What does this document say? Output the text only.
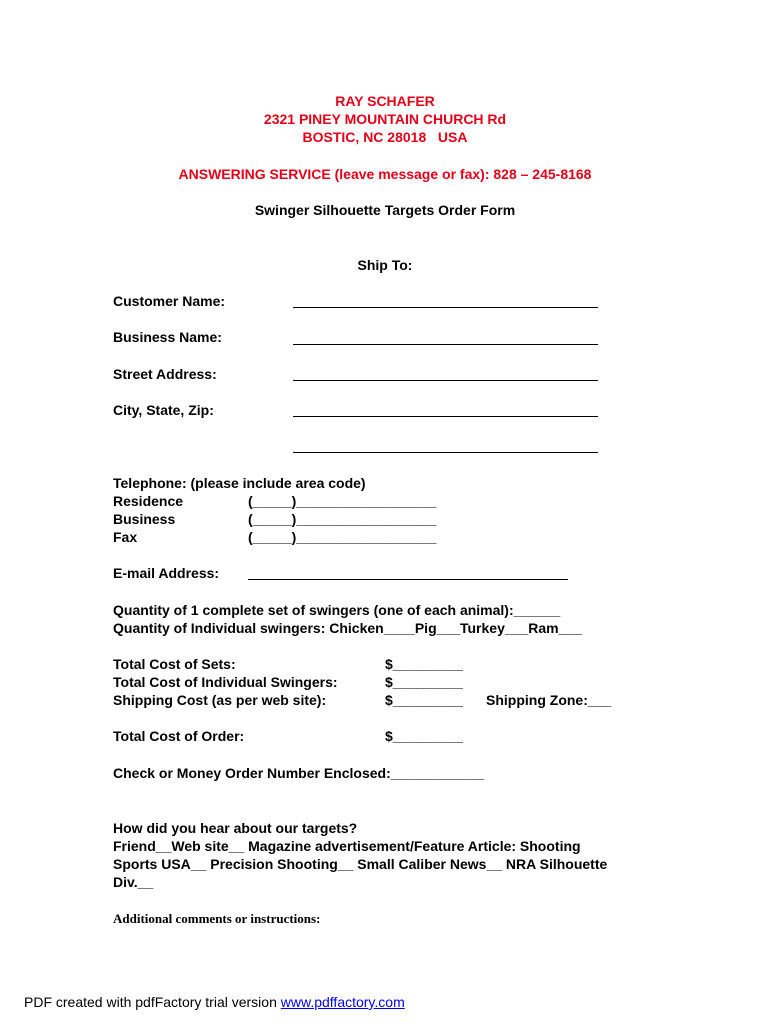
RAY SCHAFER
2321 PINEY MOUNTAIN CHURCH Rd
BOSTIC, NC 28018   USA
ANSWERING SERVICE (leave message or fax): 828 – 245-8168
Swinger Silhouette Targets Order Form
Ship To:
Customer Name:
Business Name:
Street Address:
City, State, Zip:
Telephone: (please include area code)
Residence	(_____)__________________
Business	(_____)__________________
Fax	(_____)__________________
E-mail Address:
Quantity of 1 complete set of swingers (one of each animal):______
Quantity of Individual swingers: Chicken____Pig___Turkey___Ram___
Total Cost of Sets:	$_________
Total Cost of Individual Swingers:	$_________
Shipping Cost (as per web site):	$_________ Shipping Zone:___
Total Cost of Order:	$_________
Check or Money Order Number Enclosed:____________
How did you hear about our targets?
Friend__Web site__ Magazine advertisement/Feature Article: Shooting
Sports USA__ Precision Shooting__ Small Caliber News__ NRA Silhouette
Div.__
Additional comments or instructions:
PDF created with pdfFactory trial version www.pdffactory.com
